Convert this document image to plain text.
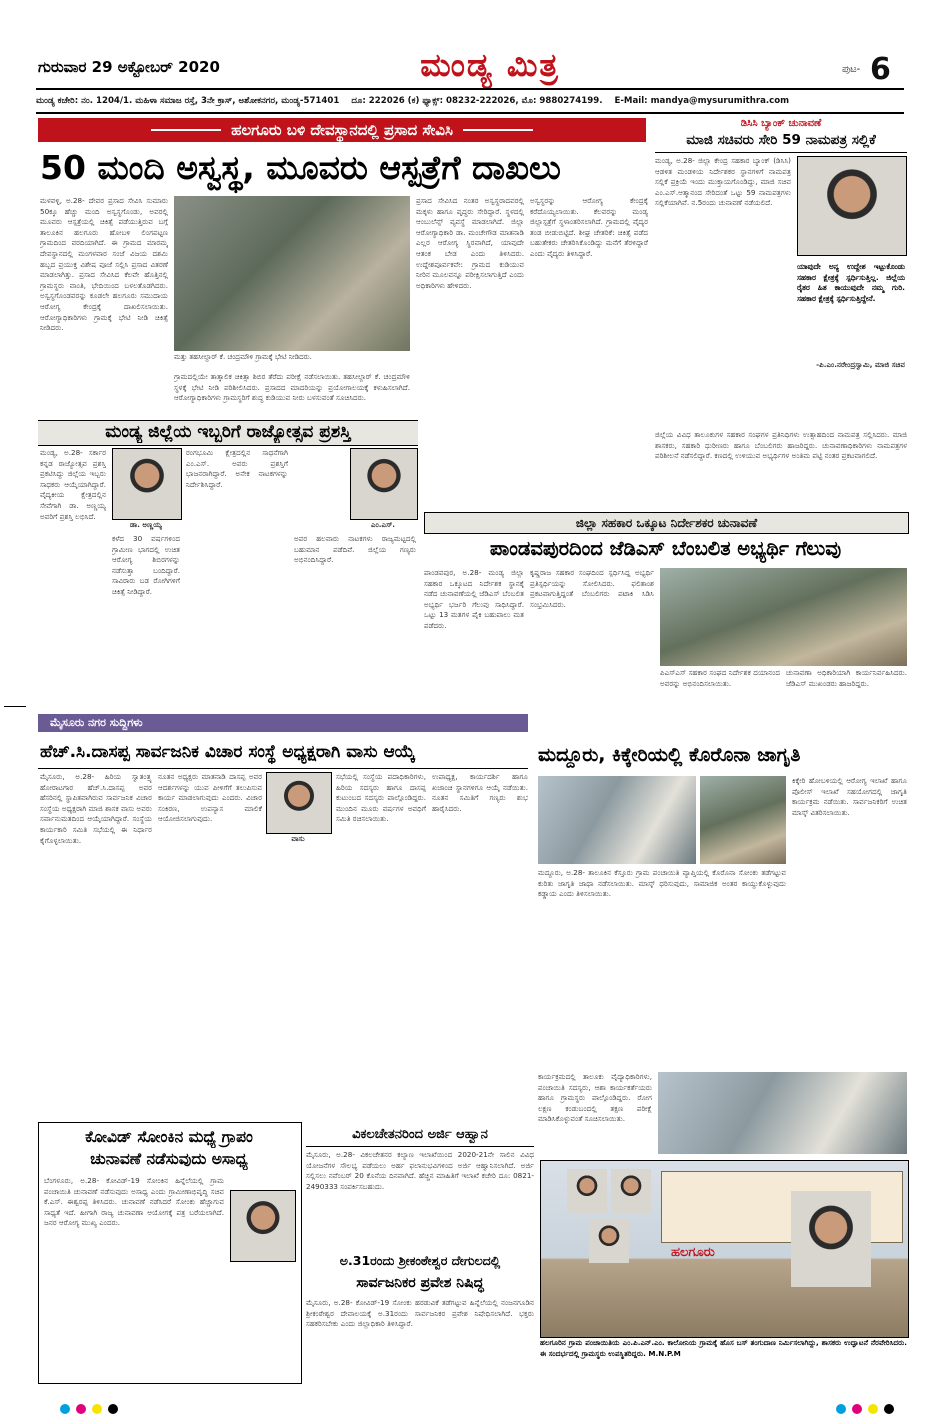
ಗುರುವಾರ 29 ಅಕ್ಟೋಬರ್ 2020	ಮಂಡ್ಯ ಮಿತ್ರ	ಪುಟ- 6
ಮಂಡ್ಯ ಕಚೇರಿ: ನಂ. 1204/1. ಮಹಿಳಾ ಸಮಾಜ ರಸ್ತೆ, 3ನೇ ಕ್ರಾಸ್, ಅಶೋಕನಗರ, ಮಂಡ್ಯ-571401 ದೂ: 222026 (ಕ) ಫ್ಯಾಕ್ಸ್: 08232-222026, ಮೊ: 9880274199. E-Mail: mandya@mysurumithra.com
ಹಲಗೂರು ಬಳಿ ದೇವಸ್ಥಾನದಲ್ಲಿ ಪ್ರಸಾದ ಸೇವಿಸಿ
50 ಮಂದಿ ಅಸ್ವಸ್ಥ, ಮೂವರು ಆಸ್ಪತ್ರೆಗೆ ದಾಖಲು
ಮಳವಳ್ಳಿ, ಅ.28- ದೇವರ ಪ್ರಸಾದ ಸೇವಿಸಿ ಸುಮಾರು 50ಕ್ಕೂ ಹೆಚ್ಚು ಮಂದಿ ಅಸ್ವಸ್ಥಗೊಂಡು, ಅವರಲ್ಲಿ ಮೂವರು ಆಸ್ಪತ್ರೆಯಲ್ಲಿ ಚಿಕಿತ್ಸೆ ಪಡೆಯುತ್ತಿರುವ ಬಗ್ಗೆ ತಾಲೂಕಿನ ಹಲಗೂರು ಹೋಬಳಿ ಲಿಂಗಪಟ್ಟಣ ಗ್ರಾಮದಿಂದ ವರದಿಯಾಗಿದೆ. ಈ ಗ್ರಾಮದ ಮಾರಮ್ಮ ದೇವಸ್ಥಾನದಲ್ಲಿ ಮಂಗಳವಾರ ಸಂಜೆ ವಿಜಯ ದಶಮಿ ಹಬ್ಬದ ಪ್ರಯುಕ್ತ ವಿಶೇಷ ಪೂಜೆ ಸಲ್ಲಿಸಿ ಪ್ರಸಾದ ವಿತರಣೆ ಮಾಡಲಾಗಿತ್ತು. ಪ್ರಸಾದ ಸೇವಿಸಿದ ಕೆಲವೇ ಹೊತ್ತಿನಲ್ಲಿ ಗ್ರಾಮಸ್ಥರು ವಾಂತಿ, ಭೇದಿಯಿಂದ ಬಳಲತೊಡಗಿದರು. ಅಸ್ವಸ್ಥಗೊಂಡವರನ್ನು ಕೂಡಲೇ ಹಲಗೂರು ಸಮುದಾಯ ಆರೋಗ್ಯ ಕೇಂದ್ರಕ್ಕೆ ದಾಖಲಿಸಲಾಯಿತು. ಆರೋಗ್ಯಾಧಿಕಾರಿಗಳು ಗ್ರಾಮಕ್ಕೆ ಭೇಟಿ ನೀಡಿ ಚಿಕಿತ್ಸೆ ನೀಡಿದರು.
ಮತ್ತು ತಹಸೀಲ್ದಾರ್ ಕೆ. ಚಂದ್ರಮೌಳಿ ಗ್ರಾಮಕ್ಕೆ ಭೇಟಿ ನೀಡಿದರು.
ಗ್ರಾಮದಲ್ಲಿಯೇ ತಾತ್ಕಾಲಿಕ ಚಿಕಿತ್ಸಾ ಶಿಬಿರ ತೆರೆದು ಪರೀಕ್ಷೆ ನಡೆಸಲಾಯಿತು. ತಹಸೀಲ್ದಾರ್ ಕೆ. ಚಂದ್ರಮೌಳಿ ಸ್ಥಳಕ್ಕೆ ಭೇಟಿ ನೀಡಿ ಪರಿಶೀಲಿಸಿದರು. ಪ್ರಸಾದದ ಮಾದರಿಯನ್ನು ಪ್ರಯೋಗಾಲಯಕ್ಕೆ ಕಳುಹಿಸಲಾಗಿದೆ. ಆರೋಗ್ಯಾಧಿಕಾರಿಗಳು ಗ್ರಾಮಸ್ಥರಿಗೆ ಶುದ್ಧ ಕುಡಿಯುವ ನೀರು ಬಳಸುವಂತೆ ಸೂಚಿಸಿದರು.
ಪ್ರಸಾದ ಸೇವಿಸಿದ ನಂತರ ಅಸ್ವಸ್ಥರಾದವರಲ್ಲಿ ಮಕ್ಕಳು ಹಾಗೂ ವೃದ್ಧರು ಸೇರಿದ್ದಾರೆ. ಸ್ಥಳದಲ್ಲಿ ಆಂಬುಲೆನ್ಸ್ ವ್ಯವಸ್ಥೆ ಮಾಡಲಾಗಿದೆ. ಜಿಲ್ಲಾ ಆರೋಗ್ಯಾಧಿಕಾರಿ ಡಾ. ಮಂಚೇಗೌಡ ಮಾತನಾಡಿ ಎಲ್ಲರ ಆರೋಗ್ಯ ಸ್ಥಿರವಾಗಿದೆ, ಯಾವುದೇ ಆತಂಕ ಬೇಡ ಎಂದು ತಿಳಿಸಿದರು. ಉದ್ದೇಶಪೂರ್ವಕವೇ: ಗ್ರಾಮದ ಕುಡಿಯುವ ನೀರಿನ ಮೂಲವನ್ನೂ ಪರೀಕ್ಷಿಸಲಾಗುತ್ತಿದೆ ಎಂದು ಅಧಿಕಾರಿಗಳು ಹೇಳಿದರು.
ಅಸ್ವಸ್ಥರನ್ನು ಆರೋಗ್ಯ ಕೇಂದ್ರಕ್ಕೆ ಕರೆದೊಯ್ಯಲಾಯಿತು. ಕೆಲವರನ್ನು ಮಂಡ್ಯ ಜಿಲ್ಲಾಸ್ಪತ್ರೆಗೆ ಸ್ಥಳಾಂತರಿಸಲಾಗಿದೆ. ಗ್ರಾಮದಲ್ಲಿ ವೈದ್ಯರ ತಂಡ ಬೀಡುಬಿಟ್ಟಿದೆ. ಶೀಘ್ರ ಚೇತರಿಕೆ: ಚಿಕಿತ್ಸೆ ಪಡೆದ ಬಹುತೇಕರು ಚೇತರಿಸಿಕೊಂಡಿದ್ದು ಮನೆಗೆ ತೆರಳಿದ್ದಾರೆ ಎಂದು ವೈದ್ಯರು ತಿಳಿಸಿದ್ದಾರೆ.
ಡಿಸಿಸಿ ಬ್ಯಾಂಕ್ ಚುನಾವಣೆ
ಮಾಜಿ ಸಚಿವರು ಸೇರಿ 59 ನಾಮಪತ್ರ ಸಲ್ಲಿಕೆ
ಮಂಡ್ಯ, ಅ.28- ಜಿಲ್ಲಾ ಕೇಂದ್ರ ಸಹಕಾರ ಬ್ಯಾಂಕ್ (ಡಿಸಿಸಿ) ಆಡಳಿತ ಮಂಡಳಿಯ ನಿರ್ದೇಶಕರ ಸ್ಥಾನಗಳಿಗೆ ನಾಮಪತ್ರ ಸಲ್ಲಿಕೆ ಪ್ರಕ್ರಿಯೆ ಇಂದು ಮುಕ್ತಾಯಗೊಂಡಿದ್ದು, ಮಾಜಿ ಸಚಿವ ಎಂ.ಎಸ್.ಆತ್ಮಾನಂದ ಸೇರಿದಂತೆ ಒಟ್ಟು 59 ನಾಮಪತ್ರಗಳು ಸಲ್ಲಿಕೆಯಾಗಿವೆ. ನ.5ರಂದು ಚುನಾವಣೆ ನಡೆಯಲಿದೆ.
ಯಾವುದೇ ಅನ್ಯ ಉದ್ದೇಶ ಇಟ್ಟುಕೊಂಡು ಸಹಕಾರ ಕ್ಷೇತ್ರಕ್ಕೆ ಸ್ಪರ್ಧಿಸುತ್ತಿಲ್ಲ. ಜಿಲ್ಲೆಯ ರೈತರ ಹಿತ ಕಾಯುವುದೇ ನಮ್ಮ ಗುರಿ. ಸಹಕಾರ ಕ್ಷೇತ್ರಕ್ಕೆ ಸ್ಪರ್ಧಿಸುತ್ತಿದ್ದೇನೆ.
-ಪಿ.ಎಂ.ನರೇಂದ್ರಸ್ವಾಮಿ, ಮಾಜಿ ಸಚಿವ
ಜಿಲ್ಲೆಯ ವಿವಿಧ ತಾಲೂಕುಗಳ ಸಹಕಾರ ಸಂಘಗಳ ಪ್ರತಿನಿಧಿಗಳು ಉತ್ಸಾಹದಿಂದ ನಾಮಪತ್ರ ಸಲ್ಲಿಸಿದರು. ಮಾಜಿ ಶಾಸಕರು, ಸಹಕಾರಿ ಧುರೀಣರು ಹಾಗೂ ಬೆಂಬಲಿಗರು ಹಾಜರಿದ್ದರು. ಚುನಾವಣಾಧಿಕಾರಿಗಳು ನಾಮಪತ್ರಗಳ ಪರಿಶೀಲನೆ ನಡೆಸಲಿದ್ದಾರೆ. ಕಣದಲ್ಲಿ ಉಳಿಯುವ ಅಭ್ಯರ್ಥಿಗಳ ಅಂತಿಮ ಪಟ್ಟಿ ನಂತರ ಪ್ರಕಟವಾಗಲಿದೆ.
ಮಂಡ್ಯ ಜಿಲ್ಲೆಯ ಇಬ್ಬರಿಗೆ ರಾಜ್ಯೋತ್ಸವ ಪ್ರಶಸ್ತಿ
ಮಂಡ್ಯ, ಅ.28- ಸರ್ಕಾರ ಕನ್ನಡ ರಾಜ್ಯೋತ್ಸವ ಪ್ರಶಸ್ತಿ ಪ್ರಕಟಿಸಿದ್ದು ಜಿಲ್ಲೆಯ ಇಬ್ಬರು ಸಾಧಕರು ಆಯ್ಕೆಯಾಗಿದ್ದಾರೆ. ವೈದ್ಯಕೀಯ ಕ್ಷೇತ್ರದಲ್ಲಿನ ಸೇವೆಗಾಗಿ ಡಾ. ಅಣ್ಣಯ್ಯ ಅವರಿಗೆ ಪ್ರಶಸ್ತಿ ಲಭಿಸಿದೆ.
ಡಾ. ಅಣ್ಣಯ್ಯ
ಕಳೆದ 30 ವರ್ಷಗಳಿಂದ ಗ್ರಾಮೀಣ ಭಾಗದಲ್ಲಿ ಉಚಿತ ಆರೋಗ್ಯ ಶಿಬಿರಗಳನ್ನು ನಡೆಸುತ್ತಾ ಬಂದಿದ್ದಾರೆ. ಸಾವಿರಾರು ಬಡ ರೋಗಿಗಳಿಗೆ ಚಿಕಿತ್ಸೆ ನೀಡಿದ್ದಾರೆ.
ರಂಗಭೂಮಿ ಕ್ಷೇತ್ರದಲ್ಲಿನ ಸಾಧನೆಗಾಗಿ ಎಂ.ಎಸ್. ಅವರು ಪ್ರಶಸ್ತಿಗೆ ಭಾಜನರಾಗಿದ್ದಾರೆ. ಅನೇಕ ನಾಟಕಗಳನ್ನು ನಿರ್ದೇಶಿಸಿದ್ದಾರೆ.
ಎಂ.ಎಸ್.
ಅವರ ಹಲವಾರು ನಾಟಕಗಳು ರಾಜ್ಯಮಟ್ಟದಲ್ಲಿ ಬಹುಮಾನ ಪಡೆದಿವೆ. ಜಿಲ್ಲೆಯ ಗಣ್ಯರು ಅಭಿನಂದಿಸಿದ್ದಾರೆ.
ಜಿಲ್ಲಾ ಸಹಕಾರ ಒಕ್ಕೂಟ ನಿರ್ದೇಶಕರ ಚುನಾವಣೆ
ಪಾಂಡವಪುರದಿಂದ ಜೆಡಿಎಸ್ ಬೆಂಬಲಿತ ಅಭ್ಯರ್ಥಿ ಗೆಲುವು
ಪಾಂಡವಪುರ, ಅ.28- ಮಂಡ್ಯ ಜಿಲ್ಲಾ ಸಹಕಾರ ಒಕ್ಕೂಟದ ನಿರ್ದೇಶಕ ಸ್ಥಾನಕ್ಕೆ ನಡೆದ ಚುನಾವಣೆಯಲ್ಲಿ ಜೆಡಿಎಸ್ ಬೆಂಬಲಿತ ಅಭ್ಯರ್ಥಿ ಭರ್ಜರಿ ಗೆಲುವು ಸಾಧಿಸಿದ್ದಾರೆ. ಒಟ್ಟು 13 ಮತಗಳ ಪೈಕಿ ಬಹುಪಾಲು ಮತ ಪಡೆದರು.
ಕೃಷ್ಣರಾಜ ಸಹಕಾರ ಸಂಘದಿಂದ ಸ್ಪರ್ಧಿಸಿದ್ದ ಅಭ್ಯರ್ಥಿ ಪ್ರತಿಸ್ಪರ್ಧಿಯನ್ನು ಸೋಲಿಸಿದರು. ಫಲಿತಾಂಶ ಪ್ರಕಟವಾಗುತ್ತಿದ್ದಂತೆ ಬೆಂಬಲಿಗರು ಪಟಾಕಿ ಸಿಡಿಸಿ ಸಂಭ್ರಮಿಸಿದರು.
ಪಿಎಸ್‌ಎಸ್ ಸಹಕಾರ ಸಂಘದ ನಿರ್ದೇಶಕ ದಯಾನಂದ ಅವರನ್ನು ಅಭಿನಂದಿಸಲಾಯಿತು.
ಚುನಾವಣಾ ಅಧಿಕಾರಿಯಾಗಿ ಕಾರ್ಯನಿರ್ವಹಿಸಿದರು. ಜೆಡಿಎಸ್ ಮುಖಂಡರು ಹಾಜರಿದ್ದರು.
ಮೈಸೂರು ನಗರ ಸುದ್ದಿಗಳು
ಹೆಚ್.ಸಿ.ದಾಸಪ್ಪ ಸಾರ್ವಜನಿಕ ವಿಚಾರ ಸಂಸ್ಥೆ ಅಧ್ಯಕ್ಷರಾಗಿ ವಾಸು ಆಯ್ಕೆ
ಮೈಸೂರು, ಅ.28- ಹಿರಿಯ ಸ್ವಾತಂತ್ರ್ಯ ಹೋರಾಟಗಾರ ಹೆಚ್.ಸಿ.ದಾಸಪ್ಪ ಅವರ ಹೆಸರಿನಲ್ಲಿ ಸ್ಥಾಪಿತವಾಗಿರುವ ಸಾರ್ವಜನಿಕ ವಿಚಾರ ಸಂಸ್ಥೆಯ ಅಧ್ಯಕ್ಷರಾಗಿ ಮಾಜಿ ಶಾಸಕ ವಾಸು ಅವರು ಸರ್ವಾನುಮತದಿಂದ ಆಯ್ಕೆಯಾಗಿದ್ದಾರೆ. ಸಂಸ್ಥೆಯ ಕಾರ್ಯಕಾರಿ ಸಮಿತಿ ಸಭೆಯಲ್ಲಿ ಈ ನಿರ್ಧಾರ ಕೈಗೊಳ್ಳಲಾಯಿತು.
ನೂತನ ಅಧ್ಯಕ್ಷರು ಮಾತನಾಡಿ ದಾಸಪ್ಪ ಅವರ ಆದರ್ಶಗಳನ್ನು ಯುವ ಪೀಳಿಗೆಗೆ ತಲುಪಿಸುವ ಕಾರ್ಯ ಮಾಡಲಾಗುವುದು ಎಂದರು. ವಿಚಾರ ಸಂಕಿರಣ, ಉಪನ್ಯಾಸ ಮಾಲಿಕೆ ಆಯೋಜಿಸಲಾಗುವುದು.
ವಾಸು
ಸಭೆಯಲ್ಲಿ ಸಂಸ್ಥೆಯ ಪದಾಧಿಕಾರಿಗಳು, ಹಿರಿಯ ಸದಸ್ಯರು ಹಾಗೂ ದಾಸಪ್ಪ ಕುಟುಂಬದ ಸದಸ್ಯರು ಪಾಲ್ಗೊಂಡಿದ್ದರು. ಮುಂದಿನ ಮೂರು ವರ್ಷಗಳ ಅವಧಿಗೆ ಸಮಿತಿ ರಚಿಸಲಾಯಿತು.
ಉಪಾಧ್ಯಕ್ಷ, ಕಾರ್ಯದರ್ಶಿ ಹಾಗೂ ಖಜಾಂಚಿ ಸ್ಥಾನಗಳಿಗೂ ಆಯ್ಕೆ ನಡೆಯಿತು. ನೂತನ ಸಮಿತಿಗೆ ಗಣ್ಯರು ಶುಭ ಹಾರೈಸಿದರು.
ಮದ್ದೂರು, ಕಿಕ್ಕೇರಿಯಲ್ಲಿ ಕೊರೊನಾ ಜಾಗೃತಿ
ಮದ್ದೂರು, ಅ.28- ತಾಲೂಕಿನ ಕೆಸ್ತೂರು ಗ್ರಾಮ ಪಂಚಾಯಿತಿ ವ್ಯಾಪ್ತಿಯಲ್ಲಿ ಕೊರೊನಾ ಸೋಂಕು ತಡೆಗಟ್ಟುವ ಕುರಿತು ಜಾಗೃತಿ ಜಾಥಾ ನಡೆಸಲಾಯಿತು. ಮಾಸ್ಕ್ ಧರಿಸುವುದು, ಸಾಮಾಜಿಕ ಅಂತರ ಕಾಯ್ದುಕೊಳ್ಳುವುದು ಕಡ್ಡಾಯ ಎಂದು ತಿಳಿಸಲಾಯಿತು.
ಕಿಕ್ಕೇರಿ ಹೋಬಳಿಯಲ್ಲಿ ಆರೋಗ್ಯ ಇಲಾಖೆ ಹಾಗೂ ಪೊಲೀಸ್ ಇಲಾಖೆ ಸಹಯೋಗದಲ್ಲಿ ಜಾಗೃತಿ ಕಾರ್ಯಕ್ರಮ ನಡೆಯಿತು. ಸಾರ್ವಜನಿಕರಿಗೆ ಉಚಿತ ಮಾಸ್ಕ್ ವಿತರಿಸಲಾಯಿತು.
ಕಾರ್ಯಕ್ರಮದಲ್ಲಿ ತಾಲೂಕು ವೈದ್ಯಾಧಿಕಾರಿಗಳು, ಪಂಚಾಯಿತಿ ಸದಸ್ಯರು, ಆಶಾ ಕಾರ್ಯಕರ್ತೆಯರು ಹಾಗೂ ಗ್ರಾಮಸ್ಥರು ಪಾಲ್ಗೊಂಡಿದ್ದರು. ರೋಗ ಲಕ್ಷಣ ಕಂಡುಬಂದಲ್ಲಿ ತಕ್ಷಣ ಪರೀಕ್ಷೆ ಮಾಡಿಸಿಕೊಳ್ಳುವಂತೆ ಸೂಚಿಸಲಾಯಿತು.
ಕೋವಿಡ್ ಸೋಂಕಿನ ಮಧ್ಯೆ ಗ್ರಾಪಂ
ಚುನಾವಣೆ ನಡೆಸುವುದು ಅಸಾಧ್ಯ
ಬೆಂಗಳೂರು, ಅ.28- ಕೋವಿಡ್-19 ಸೋಂಕಿನ ಹಿನ್ನೆಲೆಯಲ್ಲಿ ಗ್ರಾಮ ಪಂಚಾಯಿತಿ ಚುನಾವಣೆ ನಡೆಸುವುದು ಅಸಾಧ್ಯ ಎಂದು ಗ್ರಾಮೀಣಾಭಿವೃದ್ಧಿ ಸಚಿವ ಕೆ.ಎಸ್. ಈಶ್ವರಪ್ಪ ತಿಳಿಸಿದರು. ಚುನಾವಣೆ ನಡೆಸಿದರೆ ಸೋಂಕು ಹೆಚ್ಚಾಗುವ ಸಾಧ್ಯತೆ ಇದೆ. ಹೀಗಾಗಿ ರಾಜ್ಯ ಚುನಾವಣಾ ಆಯೋಗಕ್ಕೆ ಪತ್ರ ಬರೆಯಲಾಗಿದೆ. ಜನರ ಆರೋಗ್ಯ ಮುಖ್ಯ ಎಂದರು.
ವಿಕಲಚೇತನರಿಂದ ಅರ್ಜಿ ಆಹ್ವಾನ
ಮೈಸೂರು, ಅ.28- ವಿಕಲಚೇತನರ ಕಲ್ಯಾಣ ಇಲಾಖೆಯಿಂದ 2020-21ನೇ ಸಾಲಿನ ವಿವಿಧ ಯೋಜನೆಗಳ ಸೌಲಭ್ಯ ಪಡೆಯಲು ಅರ್ಹ ಫಲಾನುಭವಿಗಳಿಂದ ಅರ್ಜಿ ಆಹ್ವಾನಿಸಲಾಗಿದೆ. ಅರ್ಜಿ ಸಲ್ಲಿಸಲು ನವೆಂಬರ್ 20 ಕೊನೆಯ ದಿನವಾಗಿದೆ. ಹೆಚ್ಚಿನ ಮಾಹಿತಿಗೆ ಇಲಾಖೆ ಕಚೇರಿ ದೂ: 0821-2490333 ಸಂಪರ್ಕಿಸಬಹುದು.
ಅ.31ರಂದು ಶ್ರೀಕಂಠೇಶ್ವರ ದೇಗುಲದಲ್ಲಿ
ಸಾರ್ವಜನಿಕರ ಪ್ರವೇಶ ನಿಷಿದ್ಧ
ಮೈಸೂರು, ಅ.28- ಕೋವಿಡ್-19 ಸೋಂಕು ಹರಡುವಿಕೆ ತಡೆಗಟ್ಟುವ ಹಿನ್ನೆಲೆಯಲ್ಲಿ ನಂಜನಗೂಡಿನ ಶ್ರೀಕಂಠೇಶ್ವರ ದೇವಾಲಯಕ್ಕೆ ಅ.31ರಂದು ಸಾರ್ವಜನಿಕರ ಪ್ರವೇಶ ನಿಷೇಧಿಸಲಾಗಿದೆ. ಭಕ್ತರು ಸಹಕರಿಸಬೇಕು ಎಂದು ಜಿಲ್ಲಾಧಿಕಾರಿ ತಿಳಿಸಿದ್ದಾರೆ.
ಹಲಗೂರು
ಹಲಗೂರಿನ ಗ್ರಾಮ ಪಂಚಾಯಿತಿಯ ಎಂ.ಪಿ.ಎನ್.ಎಂ. ಕಾಲೋನಿಯ ಗ್ರಾಮಕ್ಕೆ ಹೊಸ ಬಸ್ ತಂಗುದಾಣ ನಿರ್ಮಿಸಲಾಗಿದ್ದು, ಶಾಸಕರು ಉದ್ಘಾಟನೆ ನೆರವೇರಿಸಿದರು. ಈ ಸಂದರ್ಭದಲ್ಲಿ ಗ್ರಾಮಸ್ಥರು ಉಪಸ್ಥಿತರಿದ್ದರು. M.N.P.M
